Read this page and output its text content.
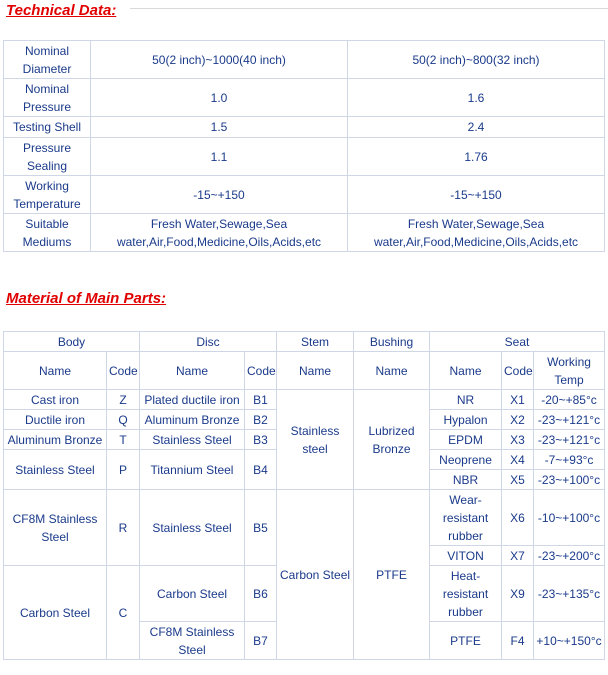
Technical Data:
Nominal Diameter	50(2 inch)~1000(40 inch)	50(2 inch)~800(32 inch)
Nominal Pressure	1.0	1.6
Testing Shell	1.5	2.4
Pressure Sealing	1.1	1.76
Working Temperature	-15~+150	-15~+150
Suitable Mediums	Fresh Water,Sewage,Sea water,Air,Food,Medicine,Oils,Acids,etc	Fresh Water,Sewage,Sea water,Air,Food,Medicine,Oils,Acids,etc
Material of Main Parts:
Body		Disc		Stem	Bushing	Seat		
Name	Code	Name	Code	Name	Name	Name	Code	Working Temp
Cast iron	Z	Plated ductile iron	B1	Stainless steel	Lubrized Bronze	NR	X1	-20~+85°c
Ductile iron	Q	Aluminum Bronze	B2			Hypalon	X2	-23~+121°c
Aluminum Bronze	T	Stainless Steel	B3			EPDM	X3	-23~+121°c
Stainless Steel	P	Titannium Steel	B4			Neoprene	X4	-7~+93°c
						NBR	X5	-23~+100°c
CF8M Stainless Steel	R	Stainless Steel	B5	Carbon Steel	PTFE	Wear-resistant rubber	X6	-10~+100°c
						VITON	X7	-23~+200°c
Carbon Steel	C	Carbon Steel	B6			Heat-resistant rubber	X9	-23~+135°c
		CF8M Stainless Steel	B7			PTFE	F4	+10~+150°c
